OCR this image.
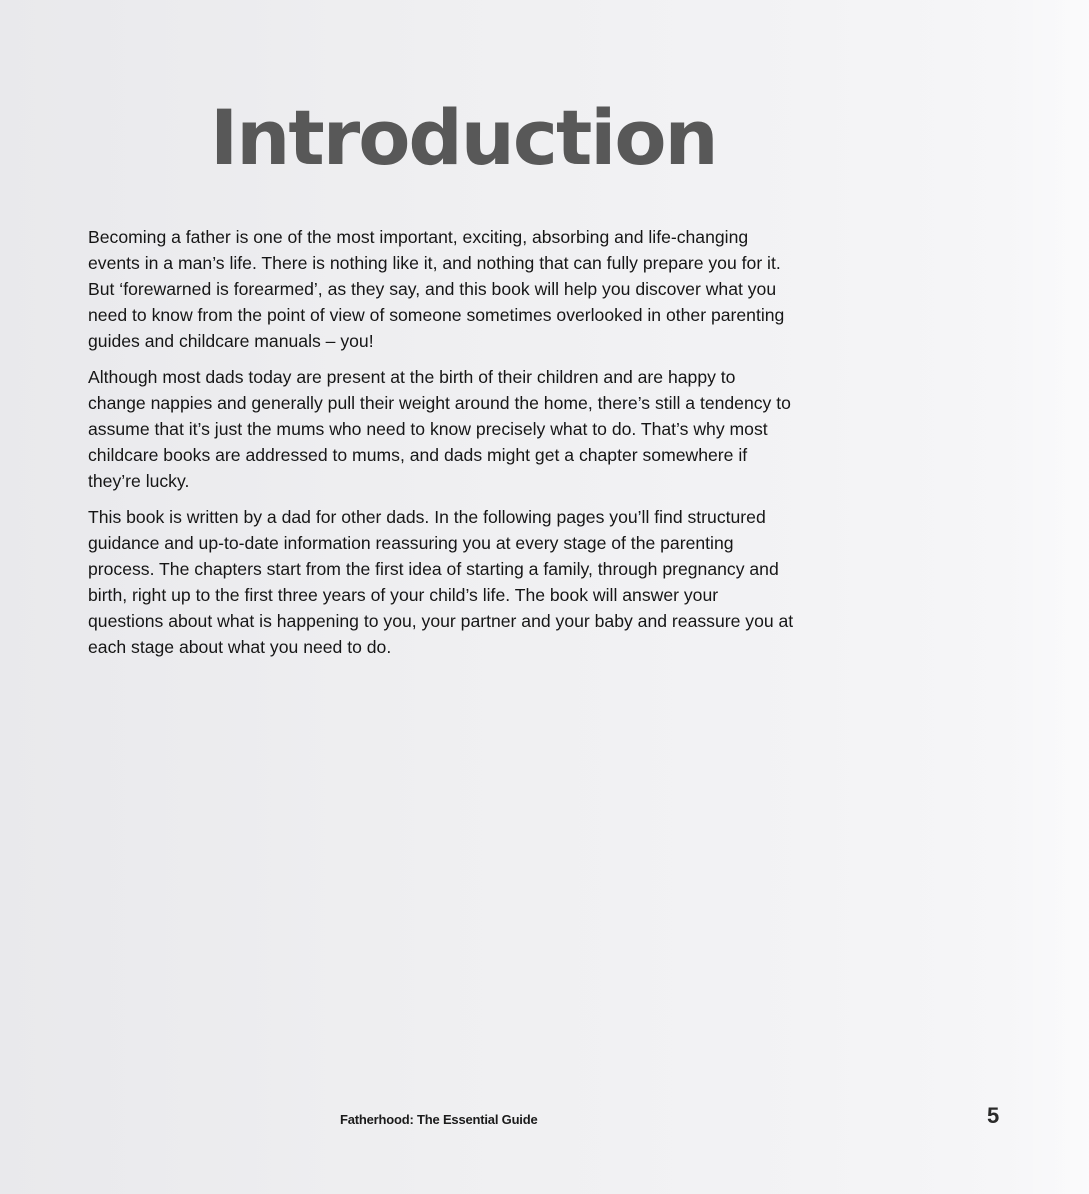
Introduction

Becoming a father is one of the most important, exciting, absorbing and life-changing events in a man’s life. There is nothing like it, and nothing that can fully prepare you for it. But ‘forewarned is forearmed’, as they say, and this book will help you discover what you need to know from the point of view of someone sometimes overlooked in other parenting guides and childcare manuals – you!

Although most dads today are present at the birth of their children and are happy to change nappies and generally pull their weight around the home, there’s still a tendency to assume that it’s just the mums who need to know precisely what to do. That’s why most childcare books are addressed to mums, and dads might get a chapter somewhere if they’re lucky.

This book is written by a dad for other dads. In the following pages you’ll find structured guidance and up-to-date information reassuring you at every stage of the parenting process. The chapters start from the first idea of starting a family, through pregnancy and birth, right up to the first three years of your child’s life. The book will answer your questions about what is happening to you, your partner and your baby and reassure you at each stage about what you need to do.

Fatherhood: The Essential Guide	5
